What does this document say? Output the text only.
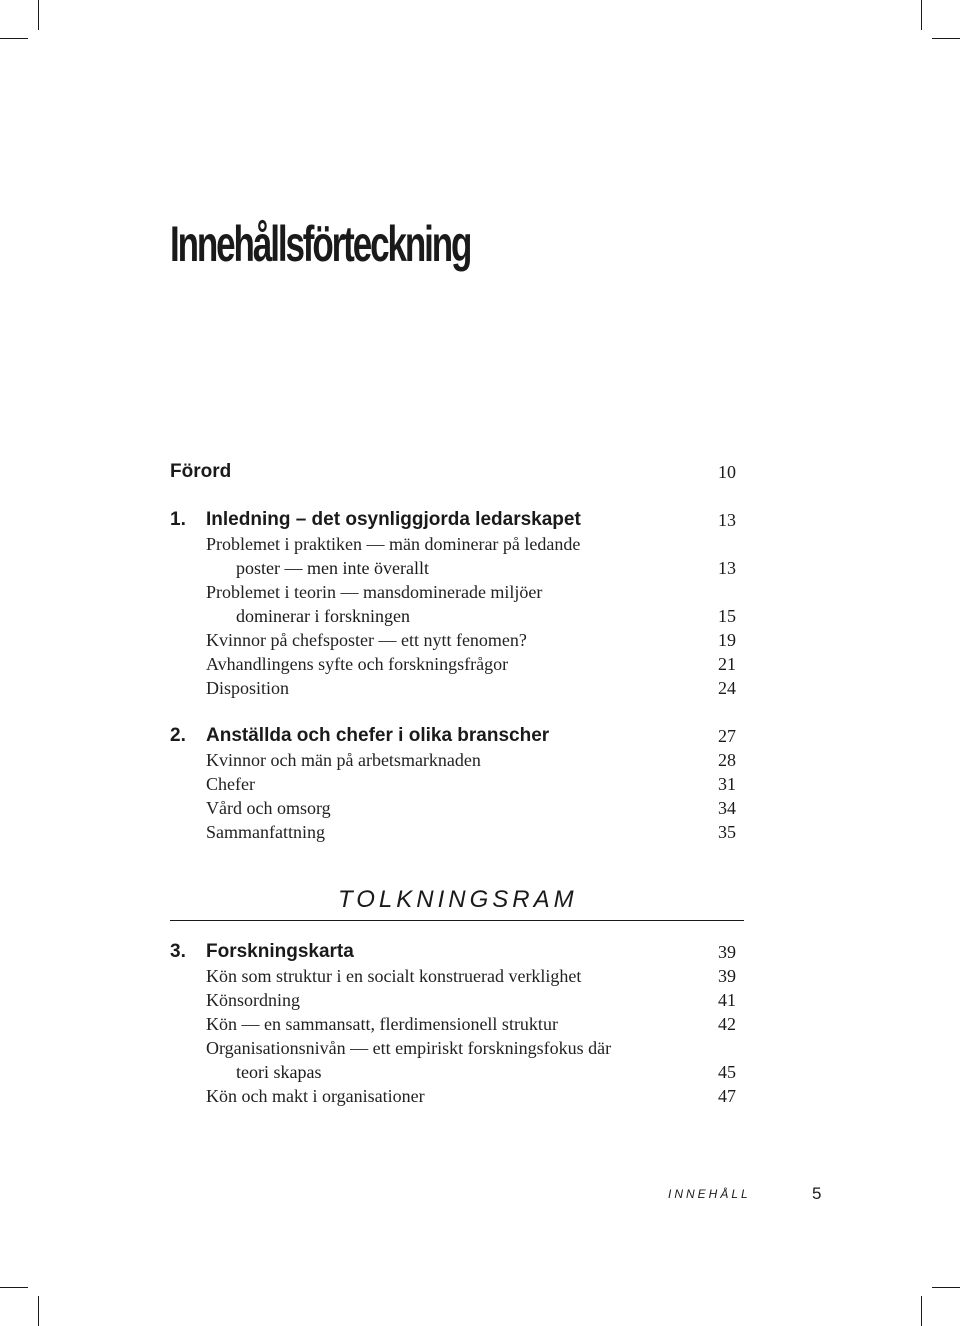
Innehållsförteckning
Förord	10
1. Inledning – det osynliggjorda ledarskapet	13
Problemet i praktiken — män dominerar på ledande
poster — men inte överallt	13
Problemet i teorin — mansdominerade miljöer
dominerar i forskningen	15
Kvinnor på chefsposter — ett nytt fenomen?	19
Avhandlingens syfte och forskningsfrågor	21
Disposition	24
2. Anställda och chefer i olika branscher	27
Kvinnor och män på arbetsmarknaden	28
Chefer	31
Vård och omsorg	34
Sammanfattning	35
TOLKNINGSRAM
3. Forskningskarta	39
Kön som struktur i en socialt konstruerad verklighet	39
Könsordning	41
Kön — en sammansatt, flerdimensionell struktur	42
Organisationsnivån — ett empiriskt forskningsfokus där
teori skapas	45
Kön och makt i organisationer	47
INNEHÅLL	5
